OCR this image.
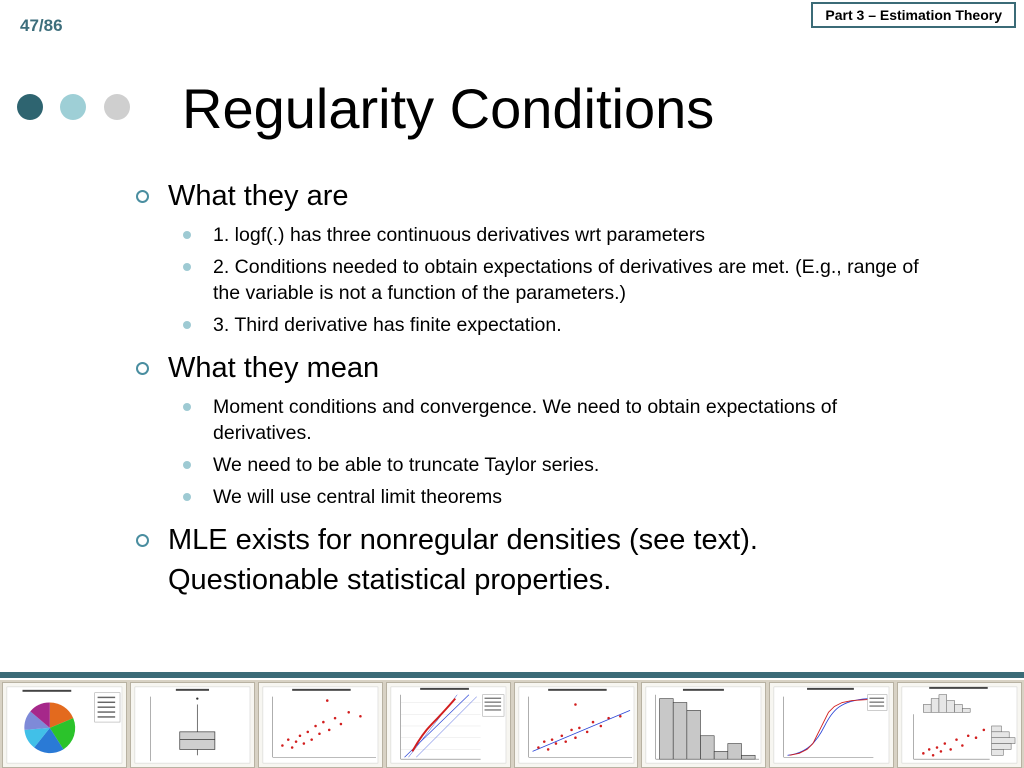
47/86
Part 3 – Estimation Theory
Regularity Conditions
What they are
1. logf(.) has three continuous derivatives wrt parameters
2. Conditions needed to obtain expectations of derivatives are met. (E.g., range of the variable is not a function of the parameters.)
3. Third derivative has finite expectation.
What they mean
Moment conditions and convergence. We need to obtain expectations of derivatives.
We need to be able to truncate Taylor series.
We will use central limit theorems
MLE exists for nonregular densities (see text). Questionable statistical properties.
